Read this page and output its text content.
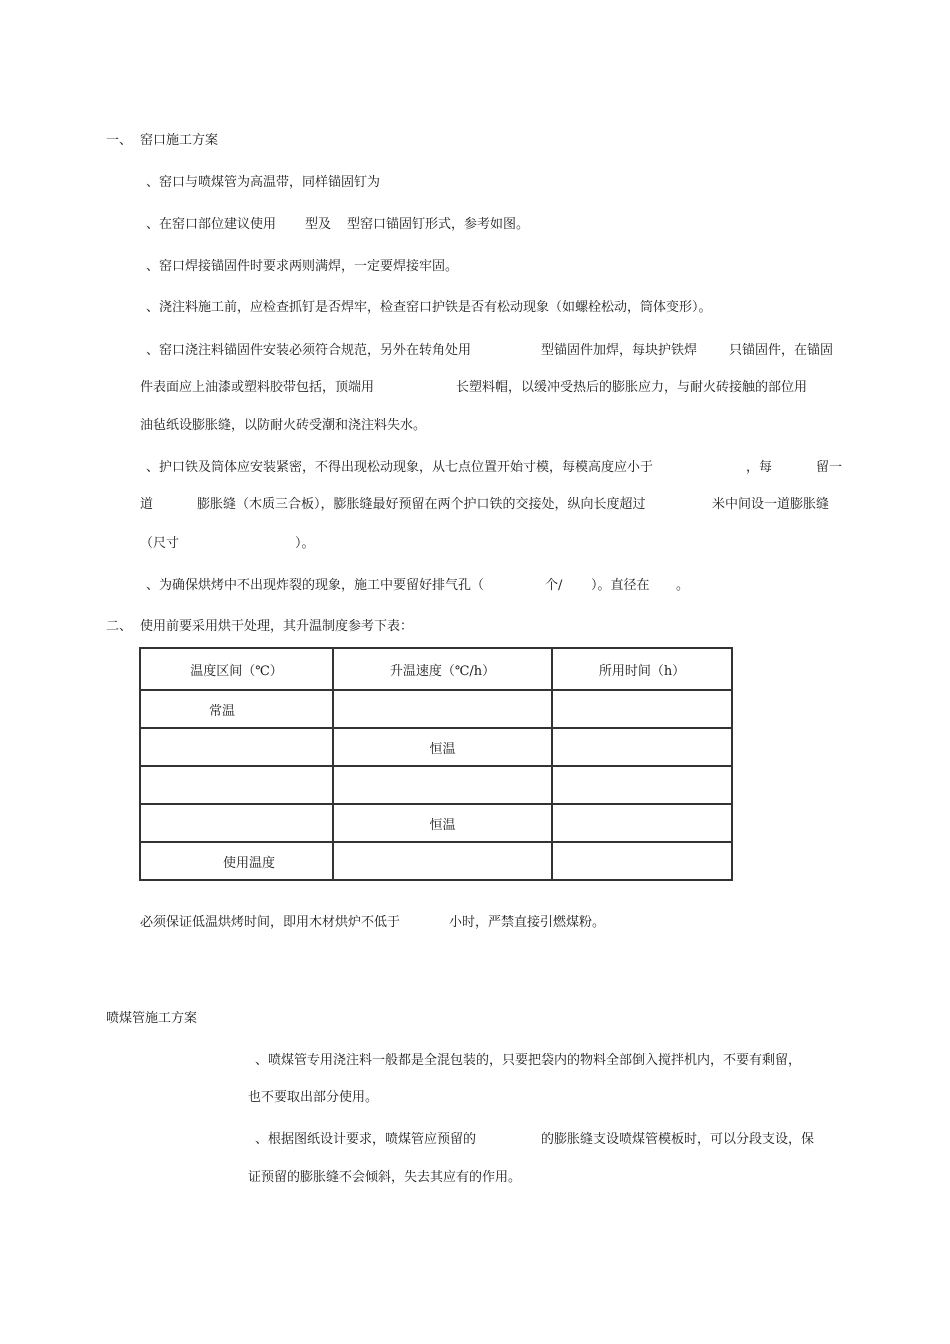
一、 窑口施工方案
、窑口与喷煤管为高温带，同样锚固钉为
、在窑口部位建议使用 型及 型窑口锚固钉形式，参考如图。
、窑口焊接锚固件时要求两则满焊，一定要焊接牢固。
、浇注料施工前，应检查抓钉是否焊牢，检查窑口护铁是否有松动现象（如螺栓松动，筒体变形）。
、窑口浇注料锚固件安装必须符合规范，另外在转角处用	型锚固件加焊，每块护铁焊 只锚固件，在锚固
件表面应上油漆或塑料胶带包括，顶端用	长塑料帽，以缓冲受热后的膨胀应力，与耐火砖接触的部位用
油毡纸设膨胀缝，以防耐火砖受潮和浇注料失水。
、护口铁及筒体应安装紧密，不得出现松动现象，从七点位置开始寸模，每模高度应小于	，每	留一
道	膨胀缝（木质三合板），膨胀缝最好预留在两个护口铁的交接处，纵向长度超过	米中间设一道膨胀缝
（尺寸	）。
、为确保烘烤中不出现炸裂的现象，施工中要留好排气孔（	个/ ）。直径在 。
二、 使用前要采用烘干处理，其升温制度参考下表：
温度区间（℃）	升温速度（℃/h）	所用时间（h）
常温		
	恒温	

	恒温	
使用温度		
必须保证低温烘烤时间，即用木材烘炉不低于	小时，严禁直接引燃煤粉。
喷煤管施工方案
、喷煤管专用浇注料一般都是全混包装的，只要把袋内的物料全部倒入搅拌机内，不要有剩留，
也不要取出部分使用。
、根据图纸设计要求，喷煤管应预留的	的膨胀缝支设喷煤管模板时，可以分段支设，保
证预留的膨胀缝不会倾斜，失去其应有的作用。
